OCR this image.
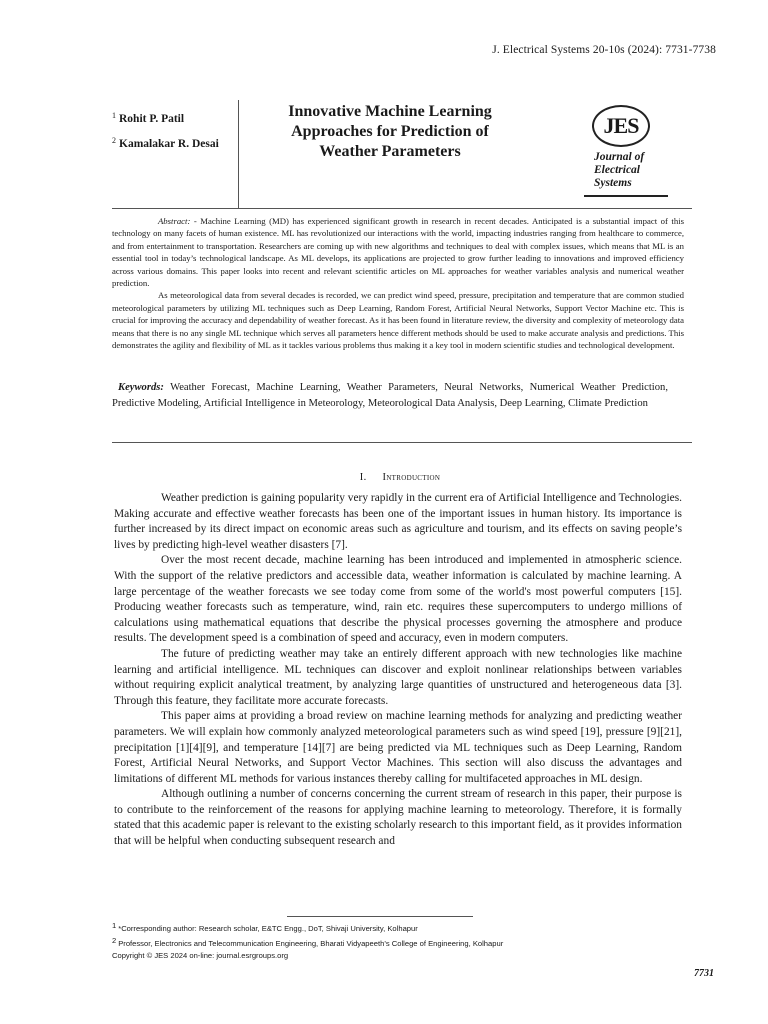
J. Electrical Systems 20-10s (2024): 7731-7738
$^1$ Rohit P. Patil
$^2$ Kamalakar R. Desai
Innovative Machine Learning
Approaches for Prediction of
Weather Parameters
JES
Journal of
Electrical
Systems

Abstract: - Machine Learning (MD) has experienced significant growth in research in recent decades. Anticipated is a substantial impact of this technology on many facets of human existence. ML has revolutionized our interactions with the world, impacting industries ranging from healthcare to commerce, and from entertainment to transportation. Researchers are coming up with new algorithms and techniques to deal with complex issues, which means that ML is an essential tool in today’s technological landscape. As ML develops, its applications are projected to grow further leading to innovations and improved efficiency across various domains. This paper looks into recent and relevant scientific articles on ML approaches for weather variables analysis and numerical weather prediction.

As meteorological data from several decades is recorded, we can predict wind speed, pressure, precipitation and temperature that are common studied meteorological parameters by utilizing ML techniques such as Deep Learning, Random Forest, Artificial Neural Networks, Support Vector Machine etc. This is crucial for improving the accuracy and dependability of weather forecast. As it has been found in literature review, the diversity and complexity of meteorology data means that there is no any single ML technique which serves all parameters hence different methods should be used to make accurate analysis and predictions. This demonstrates the agility and flexibility of ML as it tackles various problems thus making it a key tool in modern scientific studies and technological development.

Keywords: Weather Forecast, Machine Learning, Weather Parameters, Neural Networks, Numerical Weather Prediction, Predictive Modeling, Artificial Intelligence in Meteorology, Meteorological Data Analysis, Deep Learning, Climate Prediction
I. Introduction

Weather prediction is gaining popularity very rapidly in the current era of Artificial Intelligence and Technologies. Making accurate and effective weather forecasts has been one of the important issues in human history. Its importance is further increased by its direct impact on economic areas such as agriculture and tourism, and its effects on saving people’s lives by predicting high-level weather disasters [7].

Over the most recent decade, machine learning has been introduced and implemented in atmospheric science. With the support of the relative predictors and accessible data, weather information is calculated by machine learning. A large percentage of the weather forecasts we see today come from some of the world's most powerful computers [15]. Producing weather forecasts such as temperature, wind, rain etc. requires these supercomputers to undergo millions of calculations using mathematical equations that describe the physical processes governing the atmosphere and produce results. The development speed is a combination of speed and accuracy, even in modern computers.

The future of predicting weather may take an entirely different approach with new technologies like machine learning and artificial intelligence. ML techniques can discover and exploit nonlinear relationships between variables without requiring explicit analytical treatment, by analyzing large quantities of unstructured and heterogeneous data [3]. Through this feature, they facilitate more accurate forecasts.

This paper aims at providing a broad review on machine learning methods for analyzing and predicting weather parameters. We will explain how commonly analyzed meteorological parameters such as wind speed [19], pressure [9][21], precipitation [1][4][9], and temperature [14][7] are being predicted via ML techniques such as Deep Learning, Random Forest, Artificial Neural Networks, and Support Vector Machines. This section will also discuss the advantages and limitations of different ML methods for various instances thereby calling for multifaceted approaches in ML design.

Although outlining a number of concerns concerning the current stream of research in this paper, their purpose is to contribute to the reinforcement of the reasons for applying machine learning to meteorology. Therefore, it is formally stated that this academic paper is relevant to the existing scholarly research to this important field, as it provides information that will be helpful when conducting subsequent research and

$^1$ *Corresponding author: Research scholar, E&TC Engg., DoT, Shivaji University, Kolhapur
$^2$ Professor, Electronics and Telecommunication Engineering, Bharati Vidyapeeth’s College of Engineering, Kolhapur
Copyright © JES 2024 on-line: journal.esrgroups.org
7731
